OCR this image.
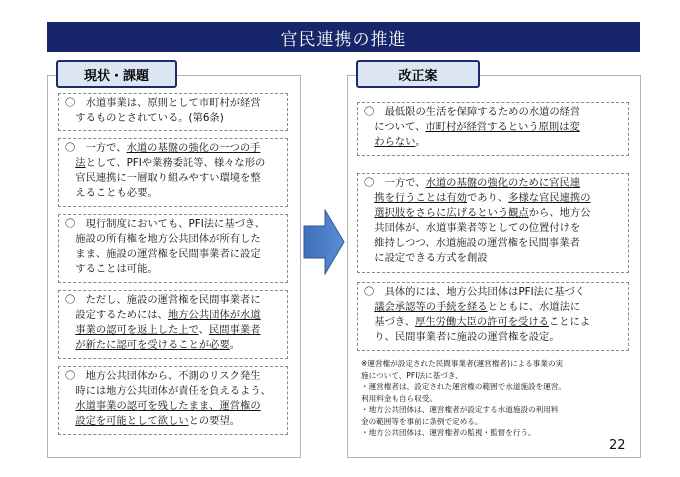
官民連携の推進
現状・課題
〇　水道事業は、原則として市町村が経営
　するものとされている。(第6条)
〇　一方で、水道の基盤の強化の一つの手
　法として、PFIや業務委託等、様々な形の
　官民連携に一層取り組みやすい環境を整
　えることも必要。
〇　現行制度においても、PFI法に基づき、
　施設の所有権を地方公共団体が所有した
　まま、施設の運営権を民間事業者に設定
　することは可能。
〇　ただし、施設の運営権を民間事業者に
　設定するためには、地方公共団体が水道
　事業の認可を返上した上で、民間事業者
　が新たに認可を受けることが必要。
〇　地方公共団体から、不測のリスク発生
　時には地方公共団体が責任を負えるよう、
　水道事業の認可を残したまま、運営権の
　設定を可能として欲しいとの要望。
改正案
〇　最低限の生活を保障するための水道の経営
　について、市町村が経営するという原則は変
　わらない。
〇　一方で、水道の基盤の強化のために官民連
　携を行うことは有効であり、多様な官民連携の
　選択肢をさらに広げるという観点から、地方公
　共団体が、水道事業者等としての位置付けを
　維持しつつ、水道施設の運営権を民間事業者
　に設定できる方式を創設
〇　具体的には、地方公共団体はPFI法に基づく
　議会承認等の手続を経るとともに、水道法に
　基づき、厚生労働大臣の許可を受けることによ
　り、民間事業者に施設の運営権を設定。
※運営権が設定された民間事業者(運営権者)による事業の実
施について、PFI法に基づき、
・運営権者は、設定された運営権の範囲で水道施設を運営。
利用料金も自ら収受。
・地方公共団体は、運営権者が設定する水道施設の利用料
金の範囲等を事前に条例で定める。
・地方公共団体は、運営権者の監視・監督を行う。
22
